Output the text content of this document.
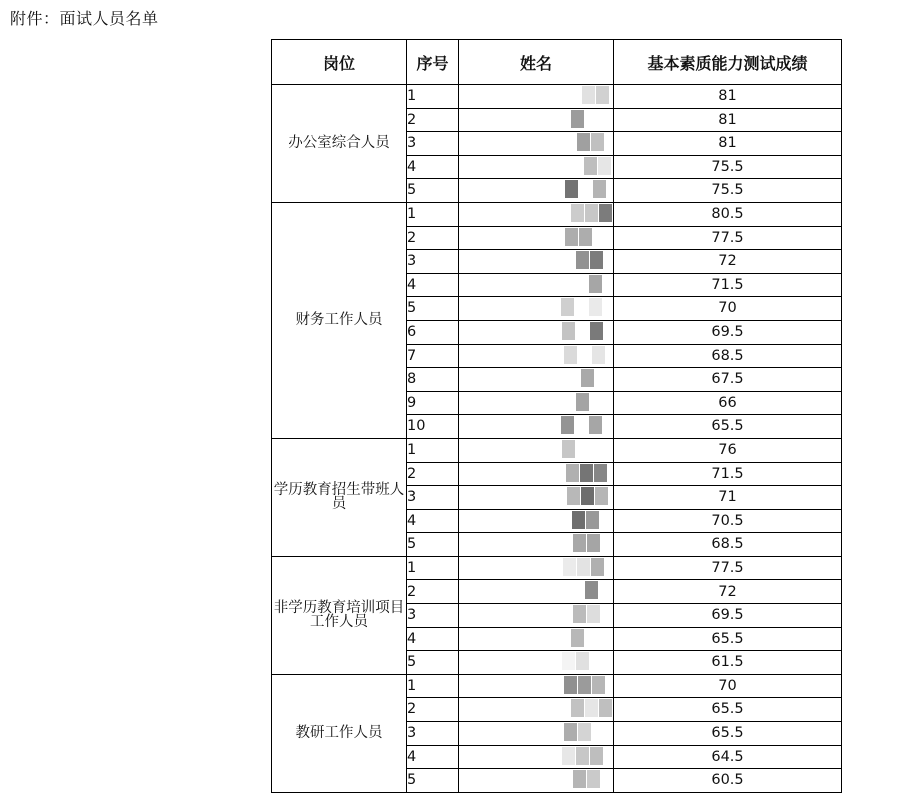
附件：面试人员名单
岗位	序号	姓名	基本素质能力测试成绩
办公室综合人员	1		81
	2		81
	3		81
	4		75.5
	5		75.5
财务工作人员	1		80.5
	2		77.5
	3		72
	4		71.5
	5		70
	6		69.5
	7		68.5
	8		67.5
	9		66
	10		65.5
学历教育招生带班人员	1		76
	2		71.5
	3		71
	4		70.5
	5		68.5
非学历教育培训项目工作人员	1		77.5
	2		72
	3		69.5
	4		65.5
	5		61.5
教研工作人员	1		70
	2		65.5
	3		65.5
	4		64.5
	5		60.5
